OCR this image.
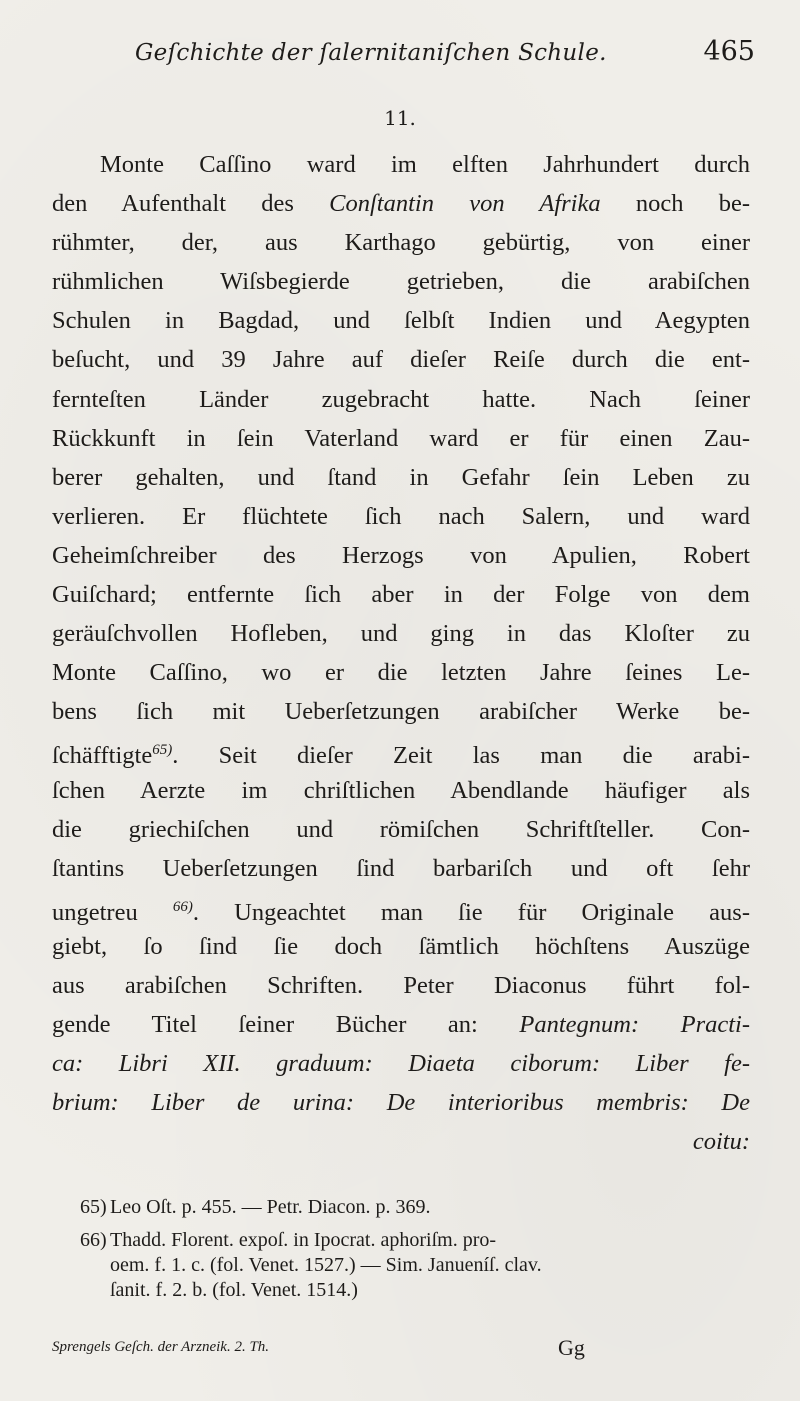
Geſchichte der ſalernitaniſchen Schule.	465
11.
Monte Caſſino ward im elften Jahrhundert durch
den Aufenthalt des Conſtantin von Afrika noch be-
rühmter, der, aus Karthago gebürtig, von einer
rühmlichen Wiſsbegierde getrieben, die arabiſchen
Schulen in Bagdad, und ſelbſt Indien und Aegypten
beſucht, und 39 Jahre auf dieſer Reiſe durch die ent-
fernteſten Länder zugebracht hatte. Nach ſeiner
Rückkunft in ſein Vaterland ward er für einen Zau-
berer gehalten, und ſtand in Gefahr ſein Leben zu
verlieren. Er flüchtete ſich nach Salern, und ward
Geheimſchreiber des Herzogs von Apulien, Robert
Guiſchard; entfernte ſich aber in der Folge von dem
geräuſchvollen Hofleben, und ging in das Kloſter zu
Monte Caſſino, wo er die letzten Jahre ſeines Le-
bens ſich mit Ueberſetzungen arabiſcher Werke be-
ſchäfftigte$^{65)}$. Seit dieſer Zeit las man die arabi-
ſchen Aerzte im chriſtlichen Abendlande häufiger als
die griechiſchen und römiſchen Schriftſteller. Con-
ſtantins Ueberſetzungen ſind barbariſch und oft ſehr
ungetreu $^{66)}$. Ungeachtet man ſie für Originale aus-
giebt, ſo ſind ſie doch ſämtlich höchſtens Auszüge
aus arabiſchen Schriften. Peter Diaconus führt fol-
gende Titel ſeiner Bücher an: Pantegnum: Practi-
ca: Libri XII. graduum: Diaeta ciborum: Liber fe-
brium: Liber de urina: De interioribus membris: De
coitu:
65) Leo Oſt. p. 455. — Petr. Diacon. p. 369.
66) Thadd. Florent. expoſ. in Ipocrat. aphoriſm. pro-
oem. f. 1. c. (fol. Venet. 1527.) — Sim. Janueníſ. clav.
ſanit. f. 2. b. (fol. Venet. 1514.)
Sprengels Geſch. der Arzneik. 2. Th.	Gg
